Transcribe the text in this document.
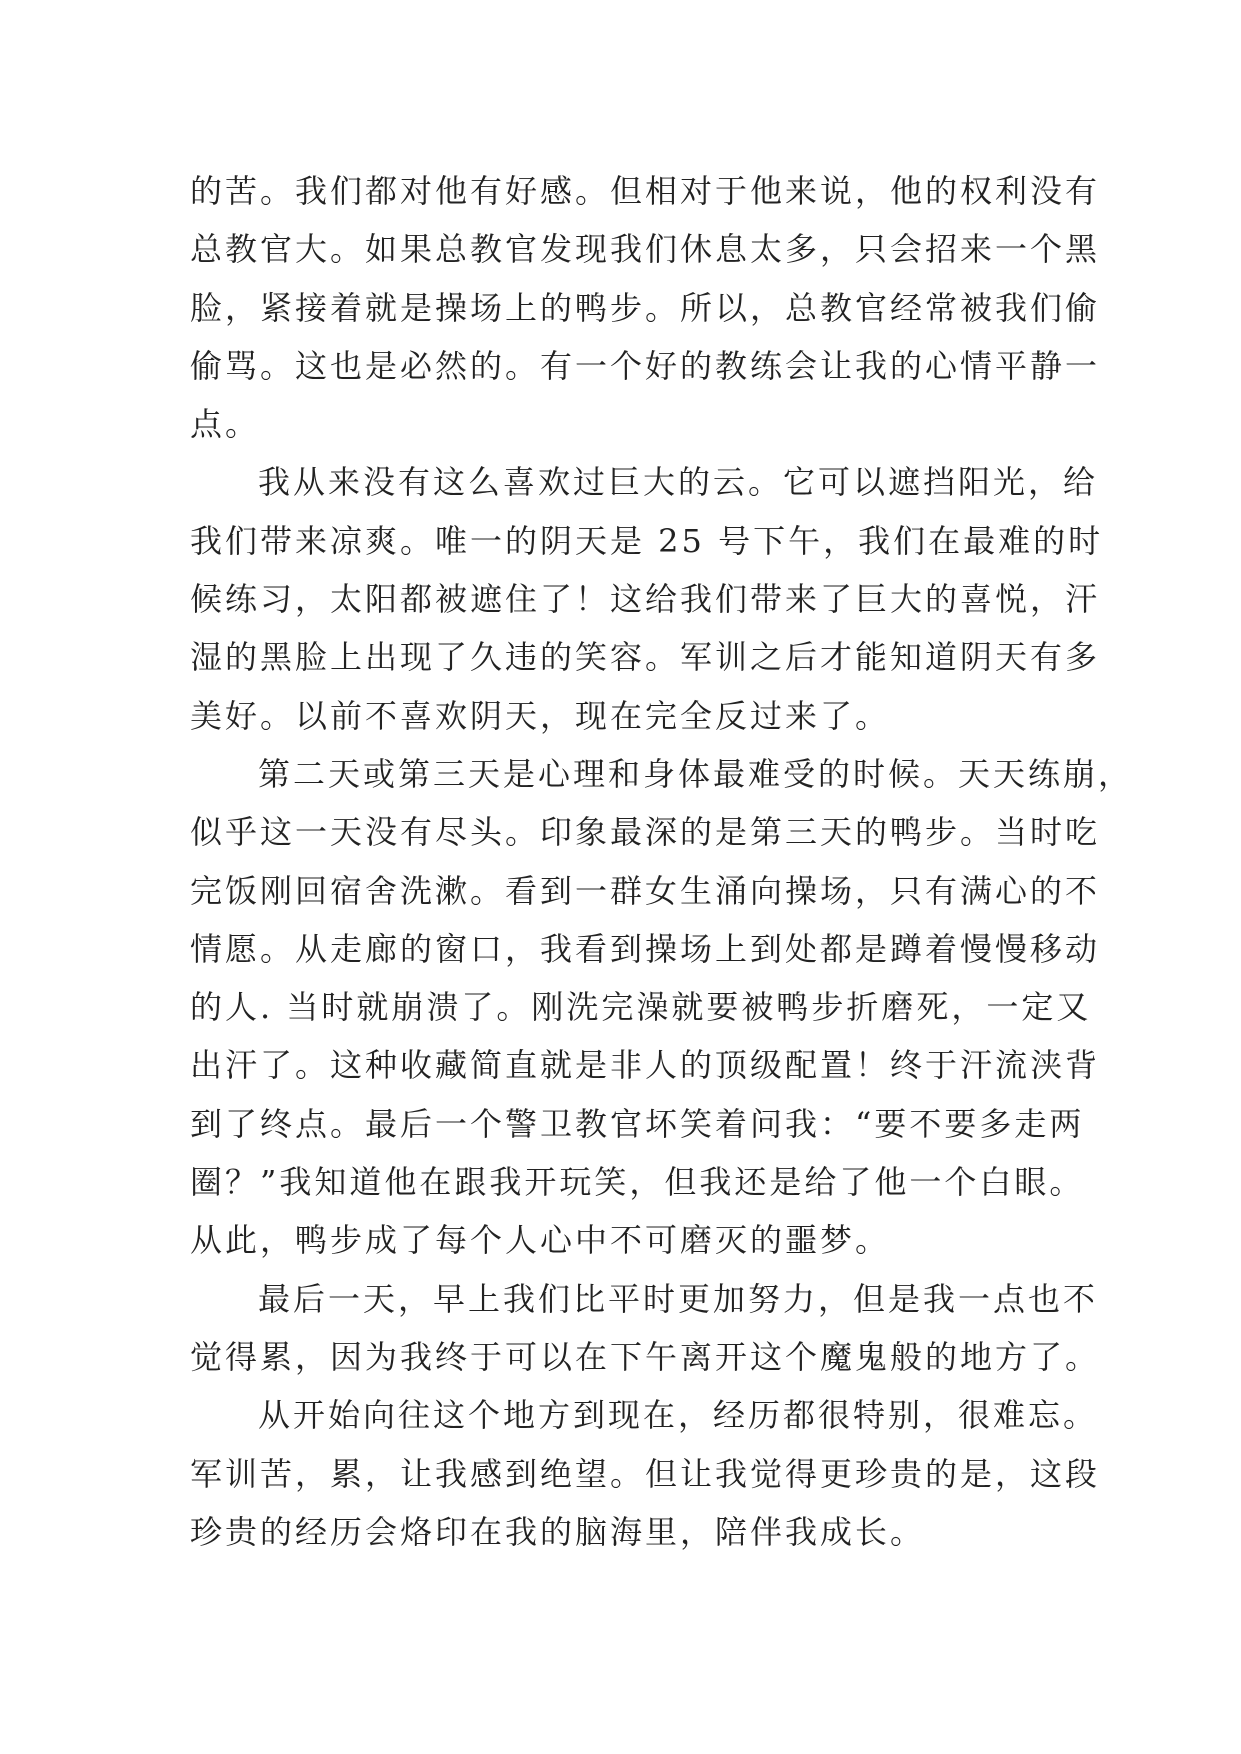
的苦。我们都对他有好感。但相对于他来说，他的权利没有
总教官大。如果总教官发现我们休息太多，只会招来一个黑
脸，紧接着就是操场上的鸭步。所以，总教官经常被我们偷
偷骂。这也是必然的。有一个好的教练会让我的心情平静一
点。
我从来没有这么喜欢过巨大的云。它可以遮挡阳光，给
我们带来凉爽。唯一的阴天是 25 号下午，我们在最难的时
候练习，太阳都被遮住了！这给我们带来了巨大的喜悦，汗
湿的黑脸上出现了久违的笑容。军训之后才能知道阴天有多
美好。以前不喜欢阴天，现在完全反过来了。
第二天或第三天是心理和身体最难受的时候。天天练崩，
似乎这一天没有尽头。印象最深的是第三天的鸭步。当时吃
完饭刚回宿舍洗漱。看到一群女生涌向操场，只有满心的不
情愿。从走廊的窗口，我看到操场上到处都是蹲着慢慢移动
的人. 当时就崩溃了。刚洗完澡就要被鸭步折磨死，一定又
出汗了。这种收藏简直就是非人的顶级配置！终于汗流浃背
到了终点。最后一个警卫教官坏笑着问我：“要不要多走两
圈？”我知道他在跟我开玩笑，但我还是给了他一个白眼。
从此，鸭步成了每个人心中不可磨灭的噩梦。
最后一天，早上我们比平时更加努力，但是我一点也不
觉得累，因为我终于可以在下午离开这个魔鬼般的地方了。
从开始向往这个地方到现在，经历都很特别，很难忘。
军训苦，累，让我感到绝望。但让我觉得更珍贵的是，这段
珍贵的经历会烙印在我的脑海里，陪伴我成长。
